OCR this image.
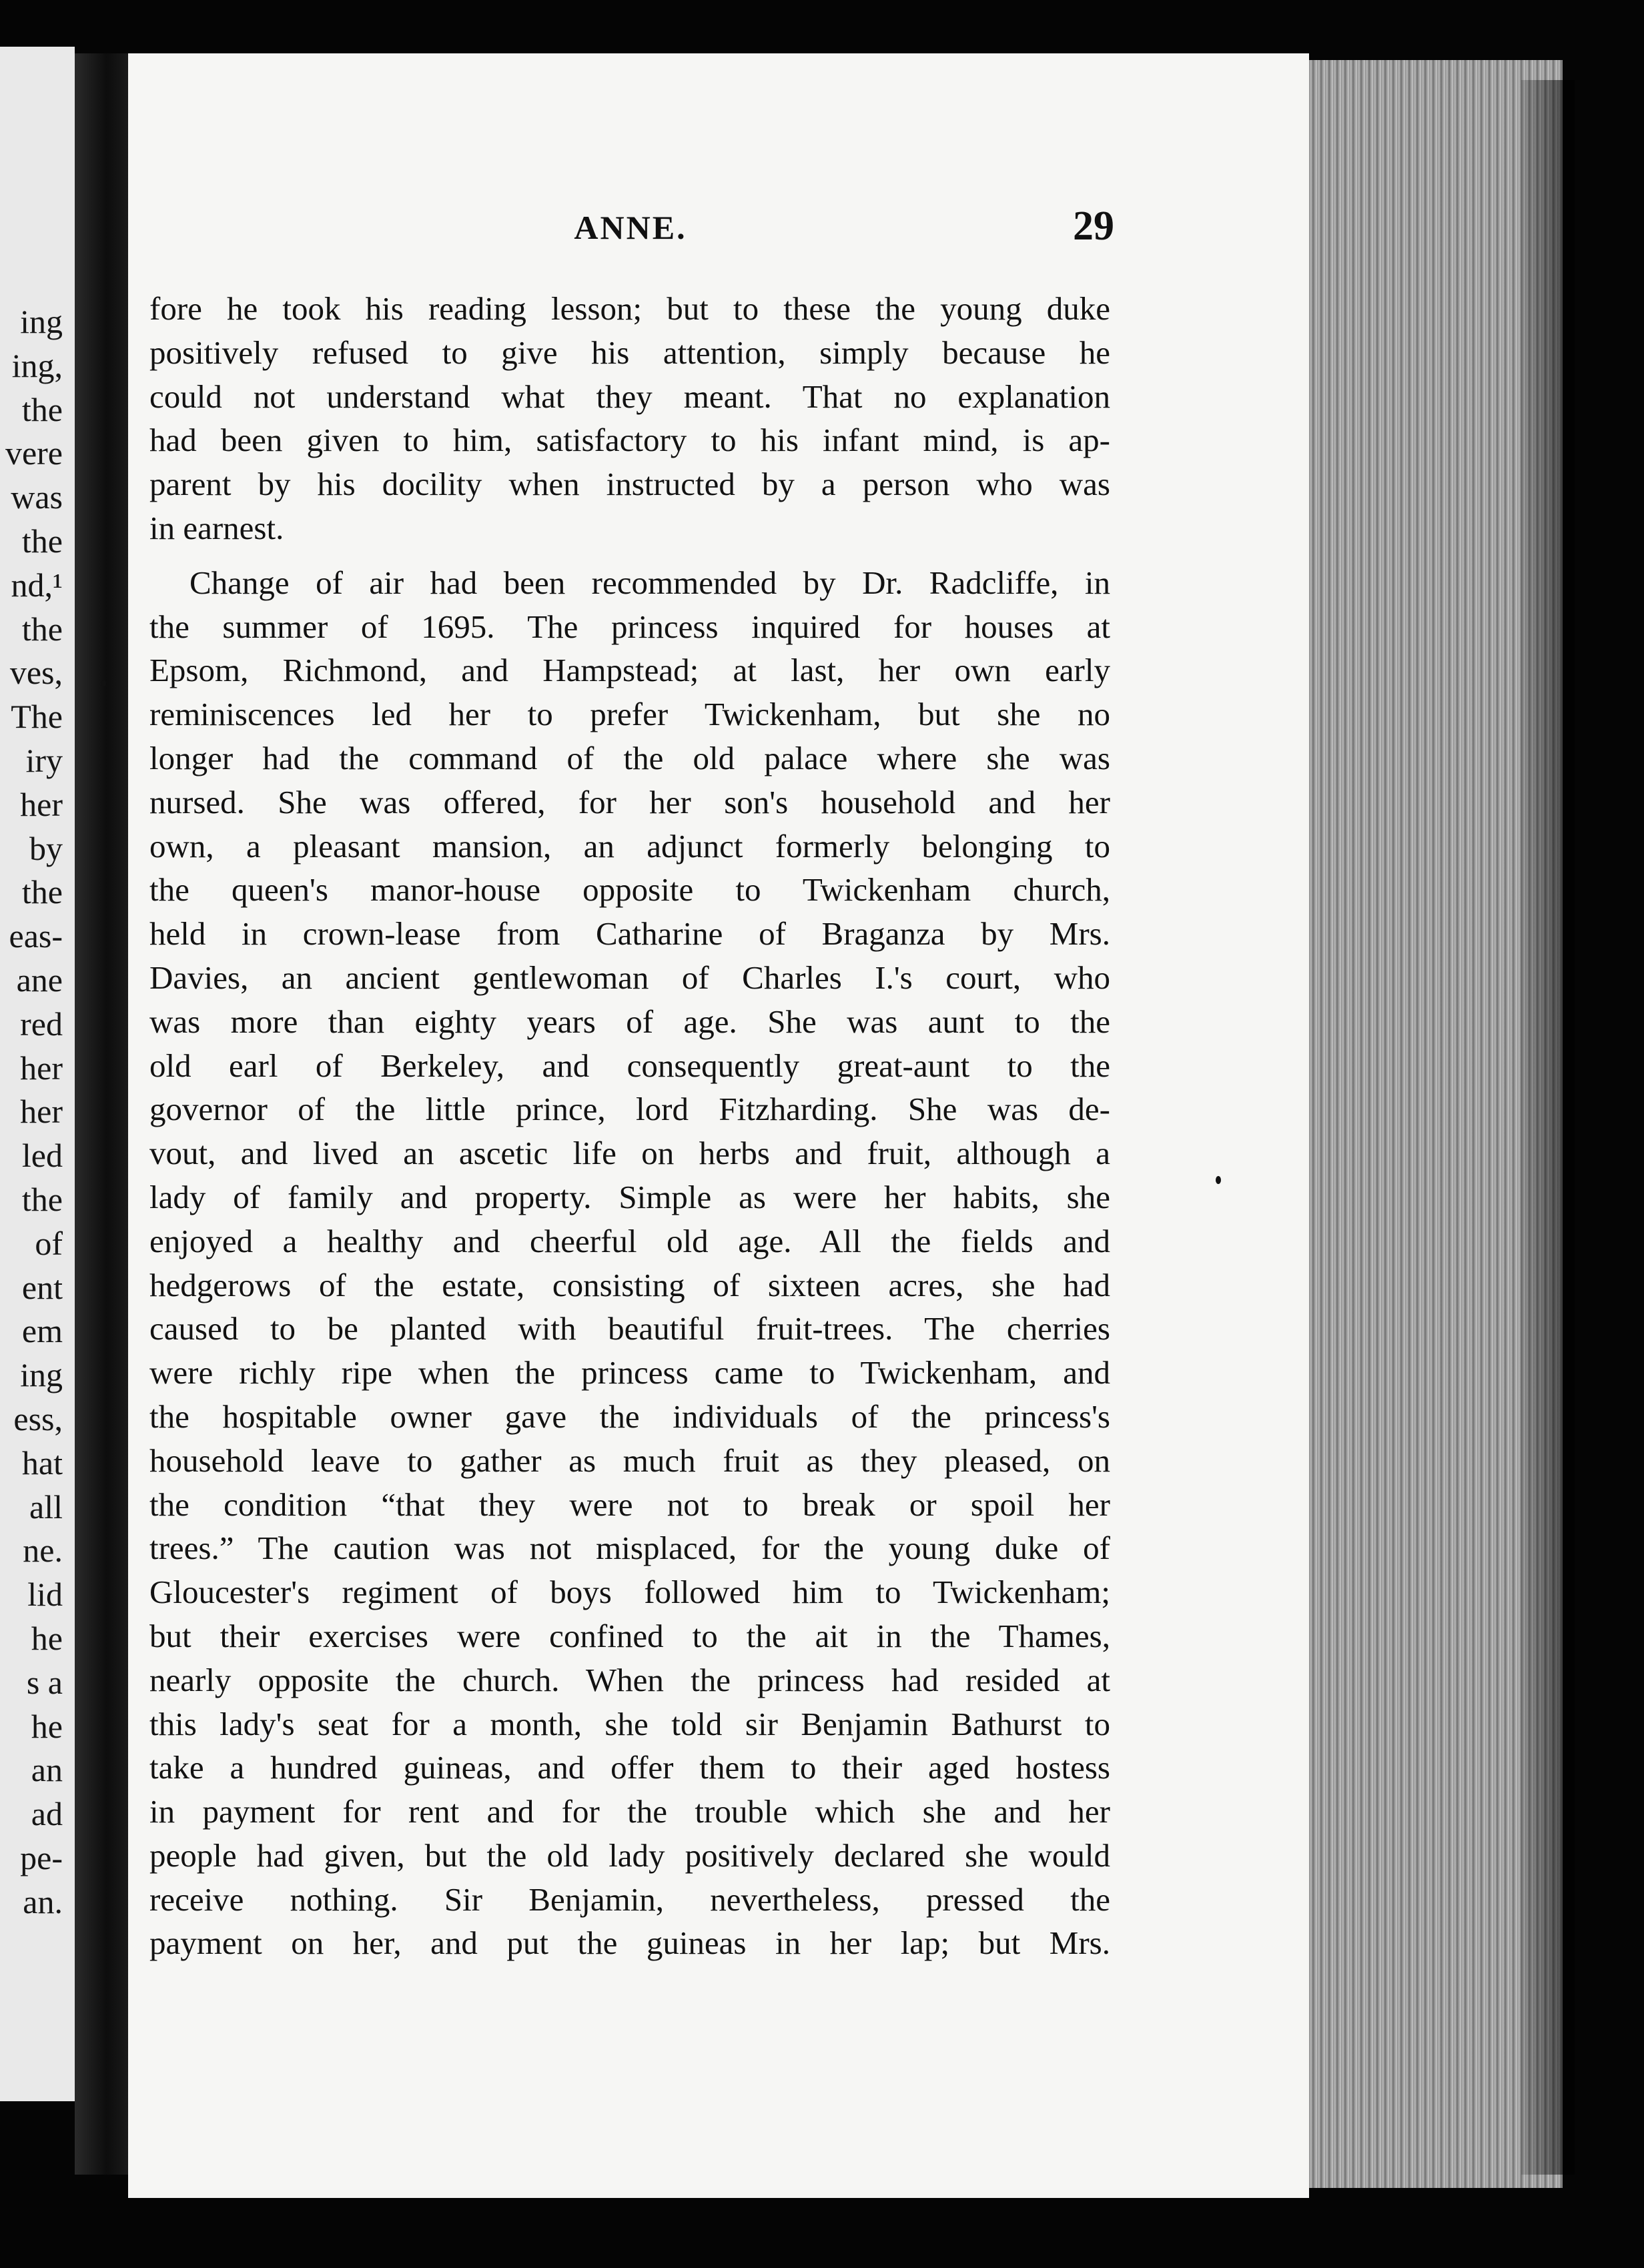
ing
ing,
the
vere
was
the
nd,¹
the
ves,
The
iry
her
by
the
eas-
ane
red
her
her
led
the
of
ent
em
ing
ess,
hat
all
ne.
lid
he
s a
he
an
ad
pe-
an.
ANNE.	29
fore he took his reading lesson; but to these the young duke
positively refused to give his attention, simply because he
could not understand what they meant. That no explanation
had been given to him, satisfactory to his infant mind, is ap-
parent by his docility when instructed by a person who was
in earnest.
Change of air had been recommended by Dr. Radcliffe, in
the summer of 1695. The princess inquired for houses at
Epsom, Richmond, and Hampstead; at last, her own early
reminiscences led her to prefer Twickenham, but she no
longer had the command of the old palace where she was
nursed. She was offered, for her son's household and her
own, a pleasant mansion, an adjunct formerly belonging to
the queen's manor-house opposite to Twickenham church,
held in crown-lease from Catharine of Braganza by Mrs.
Davies, an ancient gentlewoman of Charles I.'s court, who
was more than eighty years of age. She was aunt to the
old earl of Berkeley, and consequently great-aunt to the
governor of the little prince, lord Fitzharding. She was de-
vout, and lived an ascetic life on herbs and fruit, although a
lady of family and property. Simple as were her habits, she
enjoyed a healthy and cheerful old age. All the fields and
hedgerows of the estate, consisting of sixteen acres, she had
caused to be planted with beautiful fruit-trees. The cherries
were richly ripe when the princess came to Twickenham, and
the hospitable owner gave the individuals of the princess's
household leave to gather as much fruit as they pleased, on
the condition “that they were not to break or spoil her
trees.” The caution was not misplaced, for the young duke of
Gloucester's regiment of boys followed him to Twickenham;
but their exercises were confined to the ait in the Thames,
nearly opposite the church. When the princess had resided at
this lady's seat for a month, she told sir Benjamin Bathurst to
take a hundred guineas, and offer them to their aged hostess
in payment for rent and for the trouble which she and her
people had given, but the old lady positively declared she would
receive nothing. Sir Benjamin, nevertheless, pressed the
payment on her, and put the guineas in her lap; but Mrs.
